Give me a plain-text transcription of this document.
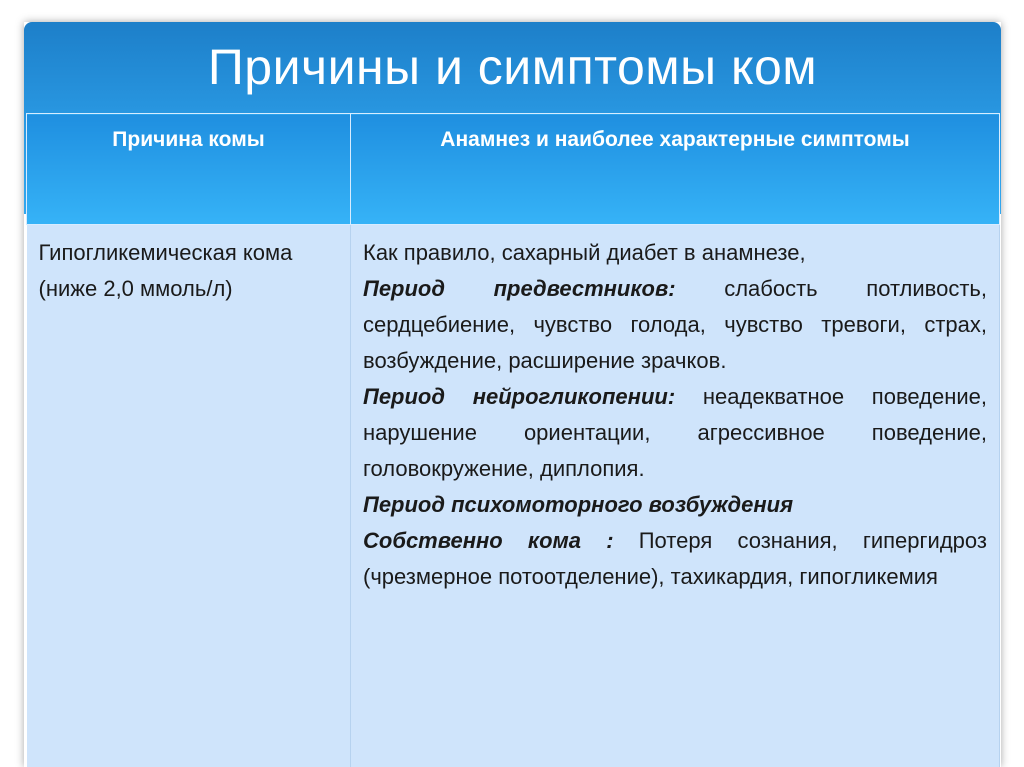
Причины и симптомы ком
Причина комы	Анамнез и наиболее характерные симптомы
Гипогликемическая кома (ниже 2,0 ммоль/л)	Как правило, сахарный диабет в анамнезе,
Период предвестников: слабость потливость, сердцебиение, чувство голода, чувство тревоги, страх, возбуждение, расширение зрачков.
Период нейрогликопении: неадекватное поведение, нарушение ориентации, агрессивное поведение, головокружение, диплопия.
Период психомоторного возбуждения
Собственно кома : Потеря сознания, гипергидроз (чрезмерное потоотделение), тахикардия, гипогликемия
